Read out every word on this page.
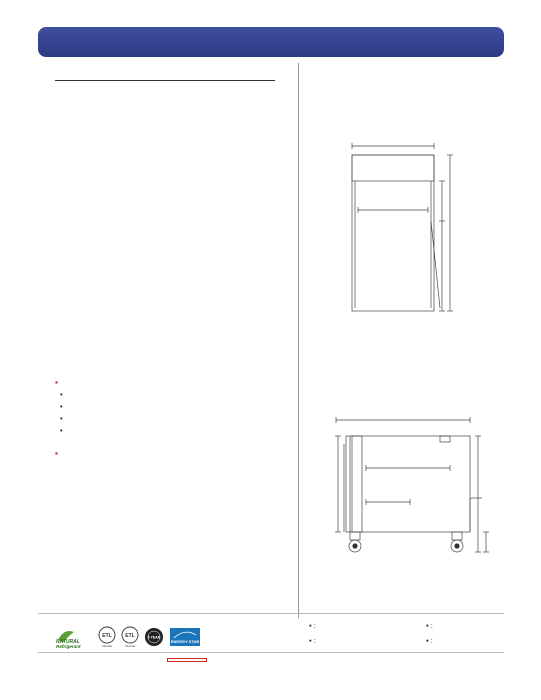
▪
•
•
•
•
▪
NATURAL
Refrigerant
ETL
Intertek
ETL
Intertek
5 YEAR
ENERGY STAR
▪ :	▪ :
▪ :	▪ :
